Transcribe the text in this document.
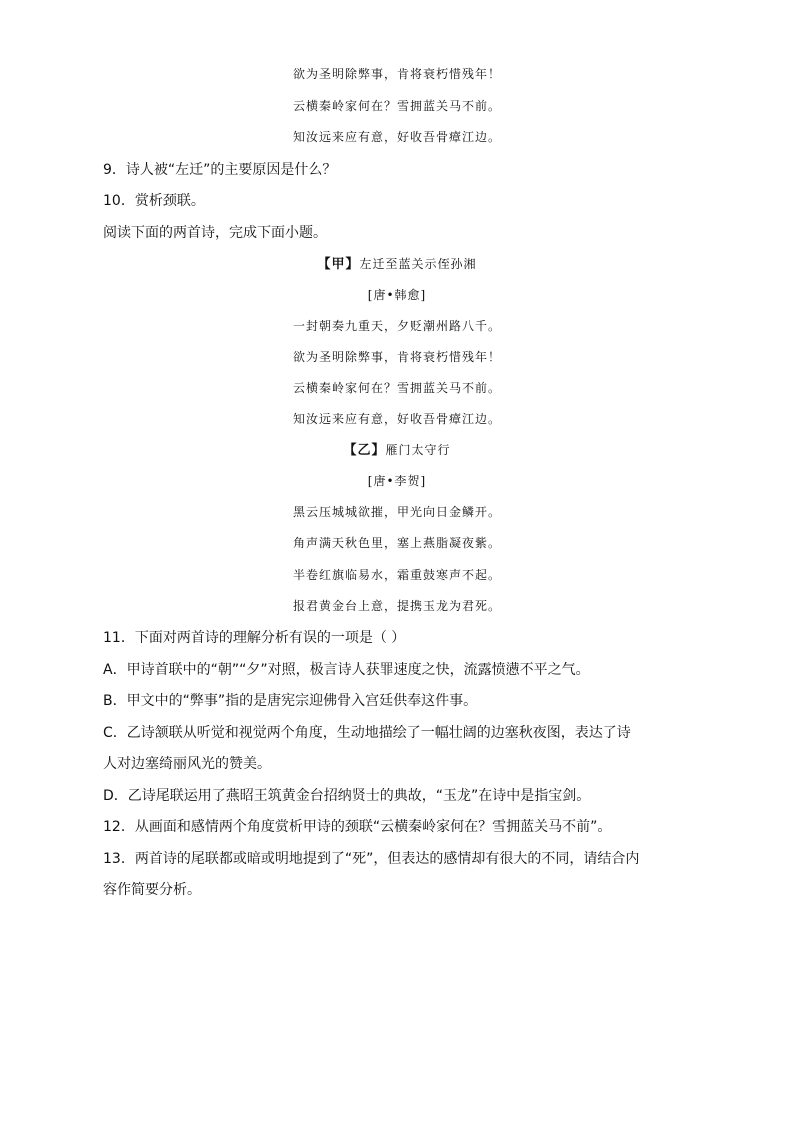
欲为圣明除弊事，肯将衰朽惜残年！
云横秦岭家何在？雪拥蓝关马不前。
知汝远来应有意，好收吾骨瘴江边。
9．诗人被“左迁”的主要原因是什么？
10．赏析颈联。
阅读下面的两首诗，完成下面小题。
【甲】左迁至蓝关示侄孙湘
[唐•韩愈]
一封朝奏九重天，夕贬潮州路八千。
欲为圣明除弊事，肯将衰朽惜残年！
云横秦岭家何在？雪拥蓝关马不前。
知汝远来应有意，好收吾骨瘴江边。
【乙】雁门太守行
[唐•李贺]
黑云压城城欲摧，甲光向日金鳞开。
角声满天秋色里，塞上燕脂凝夜紫。
半卷红旗临易水，霜重鼓寒声不起。
报君黄金台上意，提携玉龙为君死。
11．下面对两首诗的理解分析有误的一项是（ ）
A．甲诗首联中的“朝”“夕”对照，极言诗人获罪速度之快，流露愤懑不平之气。
B．甲文中的“弊事”指的是唐宪宗迎佛骨入宫廷供奉这件事。
C．乙诗颔联从听觉和视觉两个角度，生动地描绘了一幅壮阔的边塞秋夜图，表达了诗
人对边塞绮丽风光的赞美。
D．乙诗尾联运用了燕昭王筑黄金台招纳贤士的典故，“玉龙”在诗中是指宝剑。
12．从画面和感情两个角度赏析甲诗的颈联“云横秦岭家何在？雪拥蓝关马不前”。
13．两首诗的尾联都或暗或明地提到了“死”，但表达的感情却有很大的不同，请结合内
容作简要分析。
